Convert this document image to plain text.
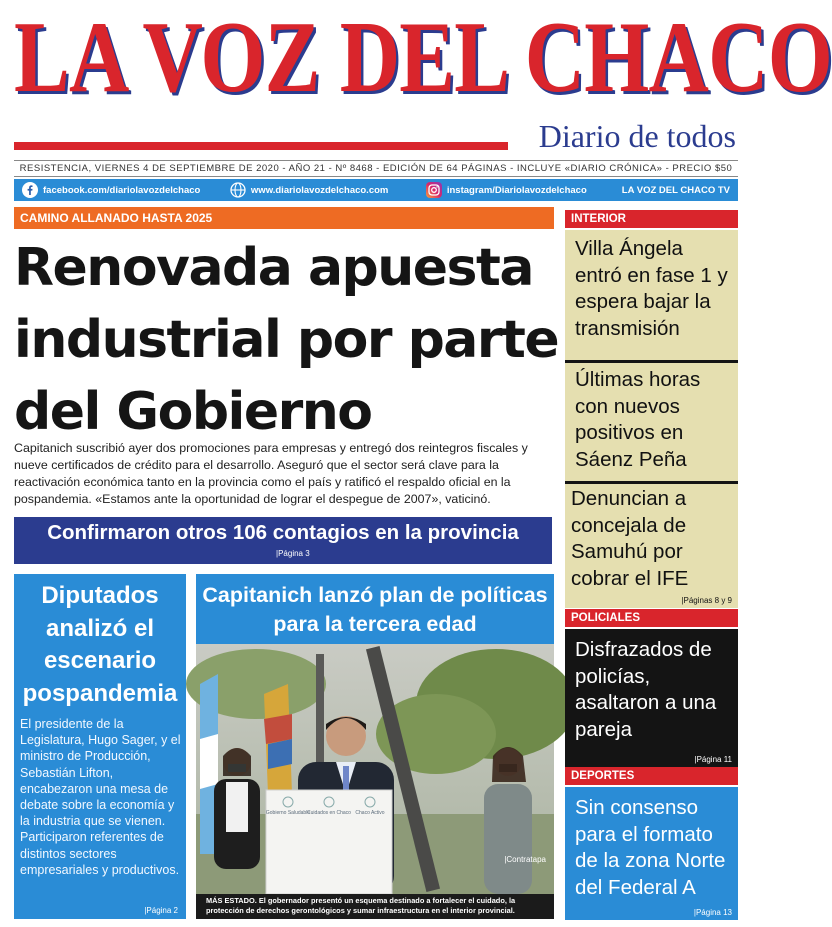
LA VOZ DEL CHACO
Diario de todos
RESISTENCIA, VIERNES 4 DE SEPTIEMBRE DE 2020 - AÑO 21 - Nº 8468 - EDICIÓN DE 64 PÁGINAS - INCLUYE «DIARIO CRÓNICA» - PRECIO $50
facebook.com/diariolavozdelchaco	www.diariolavozdelchaco.com	instagram/Diariolavozdelchaco	LA VOZ DEL CHACO TV
CAMINO ALLANADO HASTA 2025
Renovada apuesta industrial por parte del Gobierno

Capitanich suscribió ayer dos promociones para empresas y entregó dos reintegros fiscales y nueve certificados de crédito para el desarrollo. Aseguró que el sector será clave para la reactivación económica tanto en la provincia como el país y ratificó el respaldo oficial en la pospandemia. «Estamos ante la oportunidad de lograr el despegue de 2007», vaticinó.

Confirmaron otros 106 contagios en la provincia
|Página 3
Diputados analizó el escenario pospandemia
El presidente de la Legislatura, Hugo Sager, y el ministro de Producción, Sebastián Lifton, encabezaron una mesa de debate sobre la economía y la industria que se vienen. Participaron referentes de distintos sectores empresariales y productivos.
|Página 2
Capitanich lanzó plan de políticas para la tercera edad
Gobierno Saludable
Cuidados en Chaco Chaco Activo
|Contratapa
MÁS ESTADO. El gobernador presentó un esquema destinado a fortalecer el cuidado, la protección de derechos gerontológicos y sumar infraestructura en el interior provincial.
INTERIOR
Villa Ángela entró en fase 1 y espera bajar la transmisión
Últimas horas con nuevos positivos en Sáenz Peña
Denuncian a concejala de Samuhú por cobrar el IFE
|Páginas 8 y 9
POLICIALES
Disfrazados de policías, asaltaron a una pareja
|Página 11
DEPORTES
Sin consenso para el formato de la zona Norte del Federal A
|Página 13
